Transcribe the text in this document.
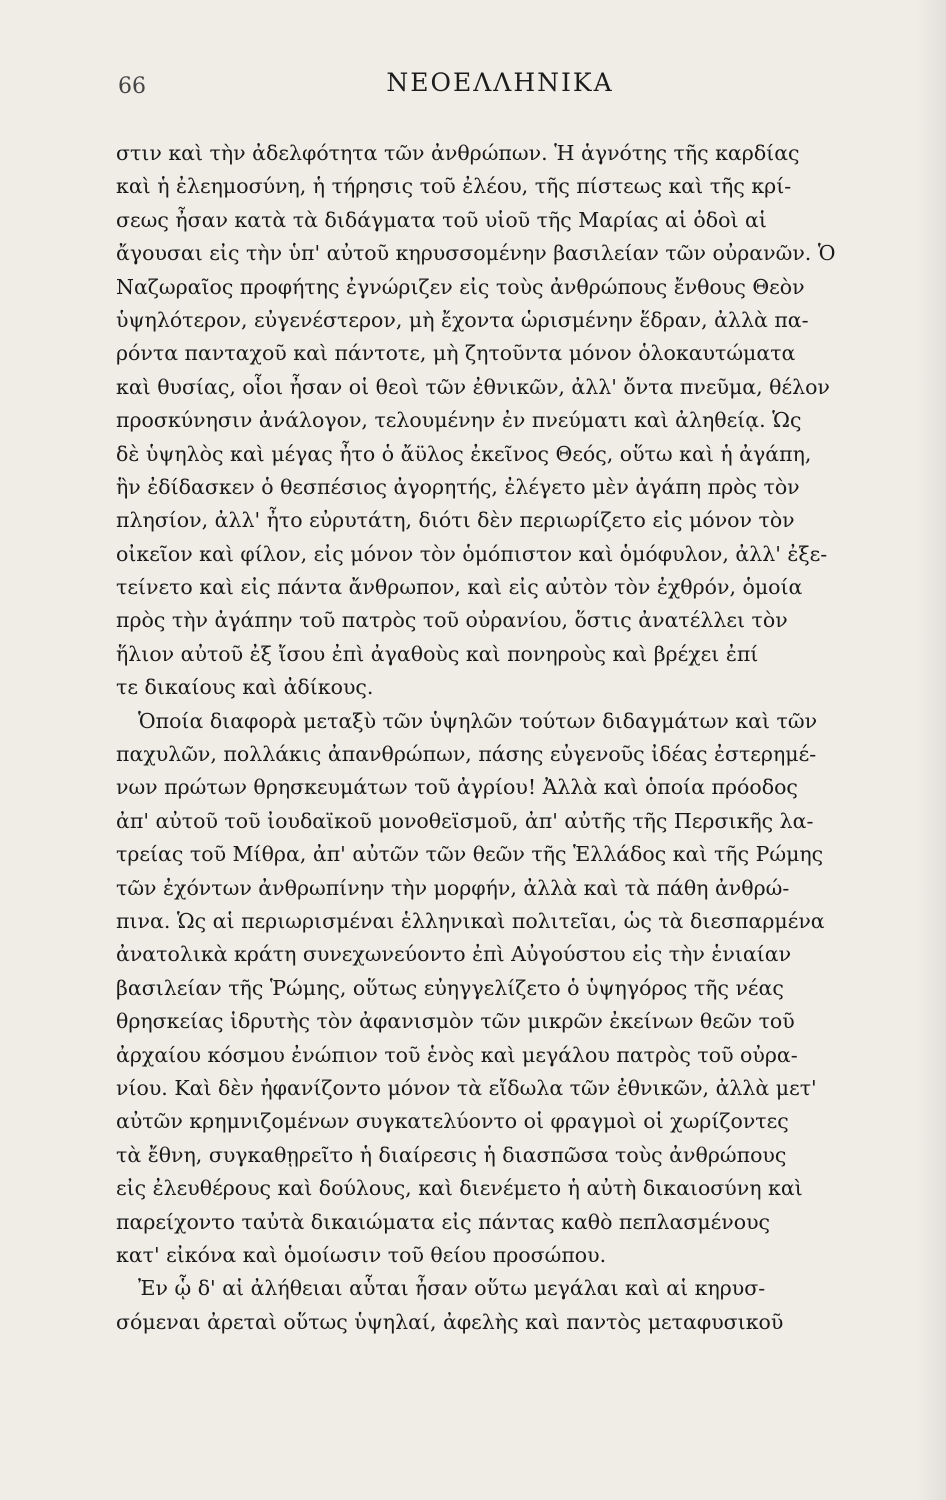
66	ΝΕΟΕΛΛΗΝΙΚΑ
στιν καὶ τὴν ἀδελφότητα τῶν ἀνθρώπων. Ἡ ἁγνότης τῆς καρδίας
καὶ ἡ ἐλεημοσύνη, ἡ τήρησις τοῦ ἐλέου, τῆς πίστεως καὶ τῆς κρί-
σεως ἦσαν κατὰ τὰ διδάγματα τοῦ υἱοῦ τῆς Μαρίας αἱ ὁδοὶ αἱ
ἄγουσαι εἰς τὴν ὑπ' αὐτοῦ κηρυσσομένην βασιλείαν τῶν οὐρανῶν. Ὁ
Ναζωραῖος προφήτης ἐγνώριζεν εἰς τοὺς ἀνθρώπους ἔνθους Θεὸν
ὑψηλότερον, εὐγενέστερον, μὴ ἔχοντα ὡρισμένην ἕδραν, ἀλλὰ πα-
ρόντα πανταχοῦ καὶ πάντοτε, μὴ ζητοῦντα μόνον ὁλοκαυτώματα
καὶ θυσίας, οἷοι ἦσαν οἱ θεοὶ τῶν ἐθνικῶν, ἀλλ' ὄντα πνεῦμα, θέλον
προσκύνησιν ἀνάλογον, τελουμένην ἐν πνεύματι καὶ ἀληθείᾳ. Ὡς
δὲ ὑψηλὸς καὶ μέγας ἦτο ὁ ἄϋλος ἐκεῖνος Θεός, οὕτω καὶ ἡ ἀγάπη,
ἣν ἐδίδασκεν ὁ θεσπέσιος ἀγορητής, ἐλέγετο μὲν ἀγάπη πρὸς τὸν
πλησίον, ἀλλ' ἦτο εὐρυτάτη, διότι δὲν περιωρίζετο εἰς μόνον τὸν
οἰκεῖον καὶ φίλον, εἰς μόνον τὸν ὁμόπιστον καὶ ὁμόφυλον, ἀλλ' ἐξε-
τείνετο καὶ εἰς πάντα ἄνθρωπον, καὶ εἰς αὐτὸν τὸν ἐχθρόν, ὁμοία
πρὸς τὴν ἀγάπην τοῦ πατρὸς τοῦ οὐρανίου, ὅστις ἀνατέλλει τὸν
ἥλιον αὐτοῦ ἐξ ἴσου ἐπὶ ἀγαθοὺς καὶ πονηροὺς καὶ βρέχει ἐπί
τε δικαίους καὶ ἀδίκους.
Ὁποία διαφορὰ μεταξὺ τῶν ὑψηλῶν τούτων διδαγμάτων καὶ τῶν
παχυλῶν, πολλάκις ἀπανθρώπων, πάσης εὐγενοῦς ἰδέας ἐστερημέ-
νων πρώτων θρησκευμάτων τοῦ ἀγρίου! Ἀλλὰ καὶ ὁποία πρόοδος
ἀπ' αὐτοῦ τοῦ ἰουδαϊκοῦ μονοθεϊσμοῦ, ἀπ' αὐτῆς τῆς Περσικῆς λα-
τρείας τοῦ Μίθρα, ἀπ' αὐτῶν τῶν θεῶν τῆς Ἑλλάδος καὶ τῆς Ρώμης
τῶν ἐχόντων ἀνθρωπίνην τὴν μορφήν, ἀλλὰ καὶ τὰ πάθη ἀνθρώ-
πινα. Ὡς αἱ περιωρισμέναι ἑλληνικαὶ πολιτεῖαι, ὡς τὰ διεσπαρμένα
ἀνατολικὰ κράτη συνεχωνεύοντο ἐπὶ Αὐγούστου εἰς τὴν ἑνιαίαν
βασιλείαν τῆς Ῥώμης, οὕτως εὐηγγελίζετο ὁ ὑψηγόρος τῆς νέας
θρησκείας ἱδρυτὴς τὸν ἀφανισμὸν τῶν μικρῶν ἐκείνων θεῶν τοῦ
ἀρχαίου κόσμου ἐνώπιον τοῦ ἑνὸς καὶ μεγάλου πατρὸς τοῦ οὐρα-
νίου. Καὶ δὲν ἠφανίζοντο μόνον τὰ εἴδωλα τῶν ἐθνικῶν, ἀλλὰ μετ'
αὐτῶν κρημνιζομένων συγκατελύοντο οἱ φραγμοὶ οἱ χωρίζοντες
τὰ ἔθνη, συγκαθῃρεῖτο ἡ διαίρεσις ἡ διασπῶσα τοὺς ἀνθρώπους
εἰς ἐλευθέρους καὶ δούλους, καὶ διενέμετο ἡ αὐτὴ δικαιοσύνη καὶ
παρείχοντο ταὐτὰ δικαιώματα εἰς πάντας καθὸ πεπλασμένους
κατ' εἰκόνα καὶ ὁμοίωσιν τοῦ θείου προσώπου.
Ἐν ᾧ δ' αἱ ἀλήθειαι αὗται ἦσαν οὕτω μεγάλαι καὶ αἱ κηρυσ-
σόμεναι ἀρεταὶ οὕτως ὑψηλαί, ἀφελὴς καὶ παντὸς μεταφυσικοῦ
